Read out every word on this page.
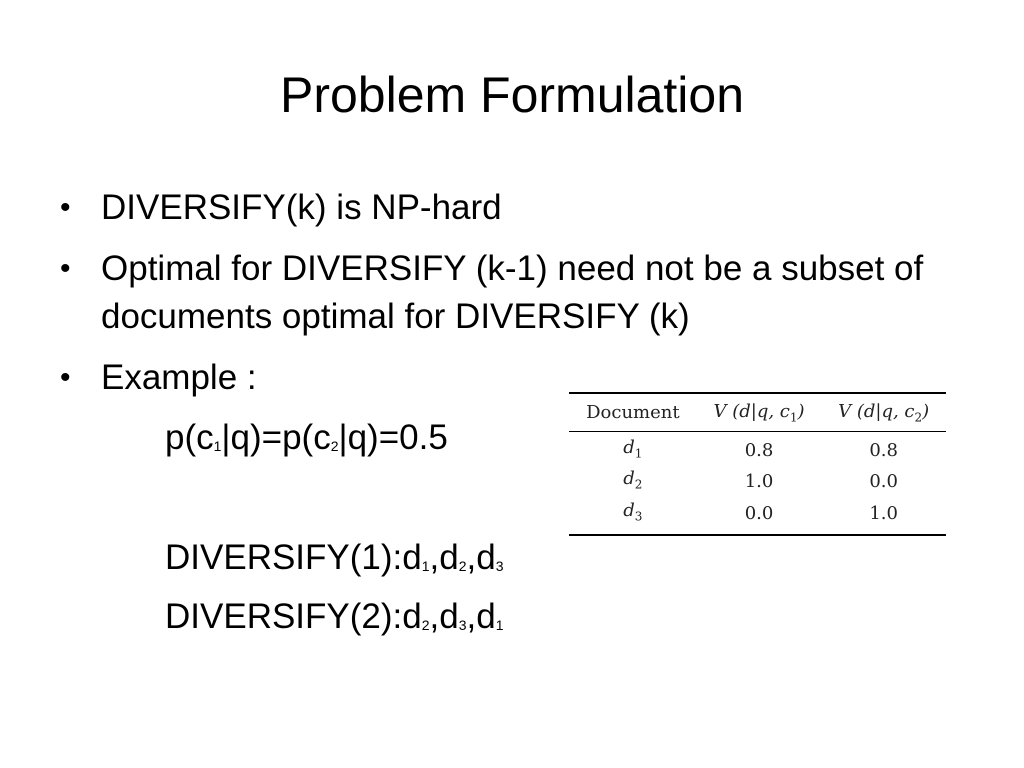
Problem Formulation
• DIVERSIFY(k) is NP-hard
• Optimal for DIVERSIFY (k-1) need not be a subset of documents optimal for DIVERSIFY (k)
• Example :
$p(c_1|q)=p(c_2|q)=0.5$
$DIVERSIFY(1):d_1,d_2,d_3$
$DIVERSIFY(2):d_2,d_3,d_1$
Document	V (d|q, $c_1$)	V (d|q, $c_2$)
$d_1$	0.8	0.8
$d_2$	1.0	0.0
$d_3$	0.0	1.0
